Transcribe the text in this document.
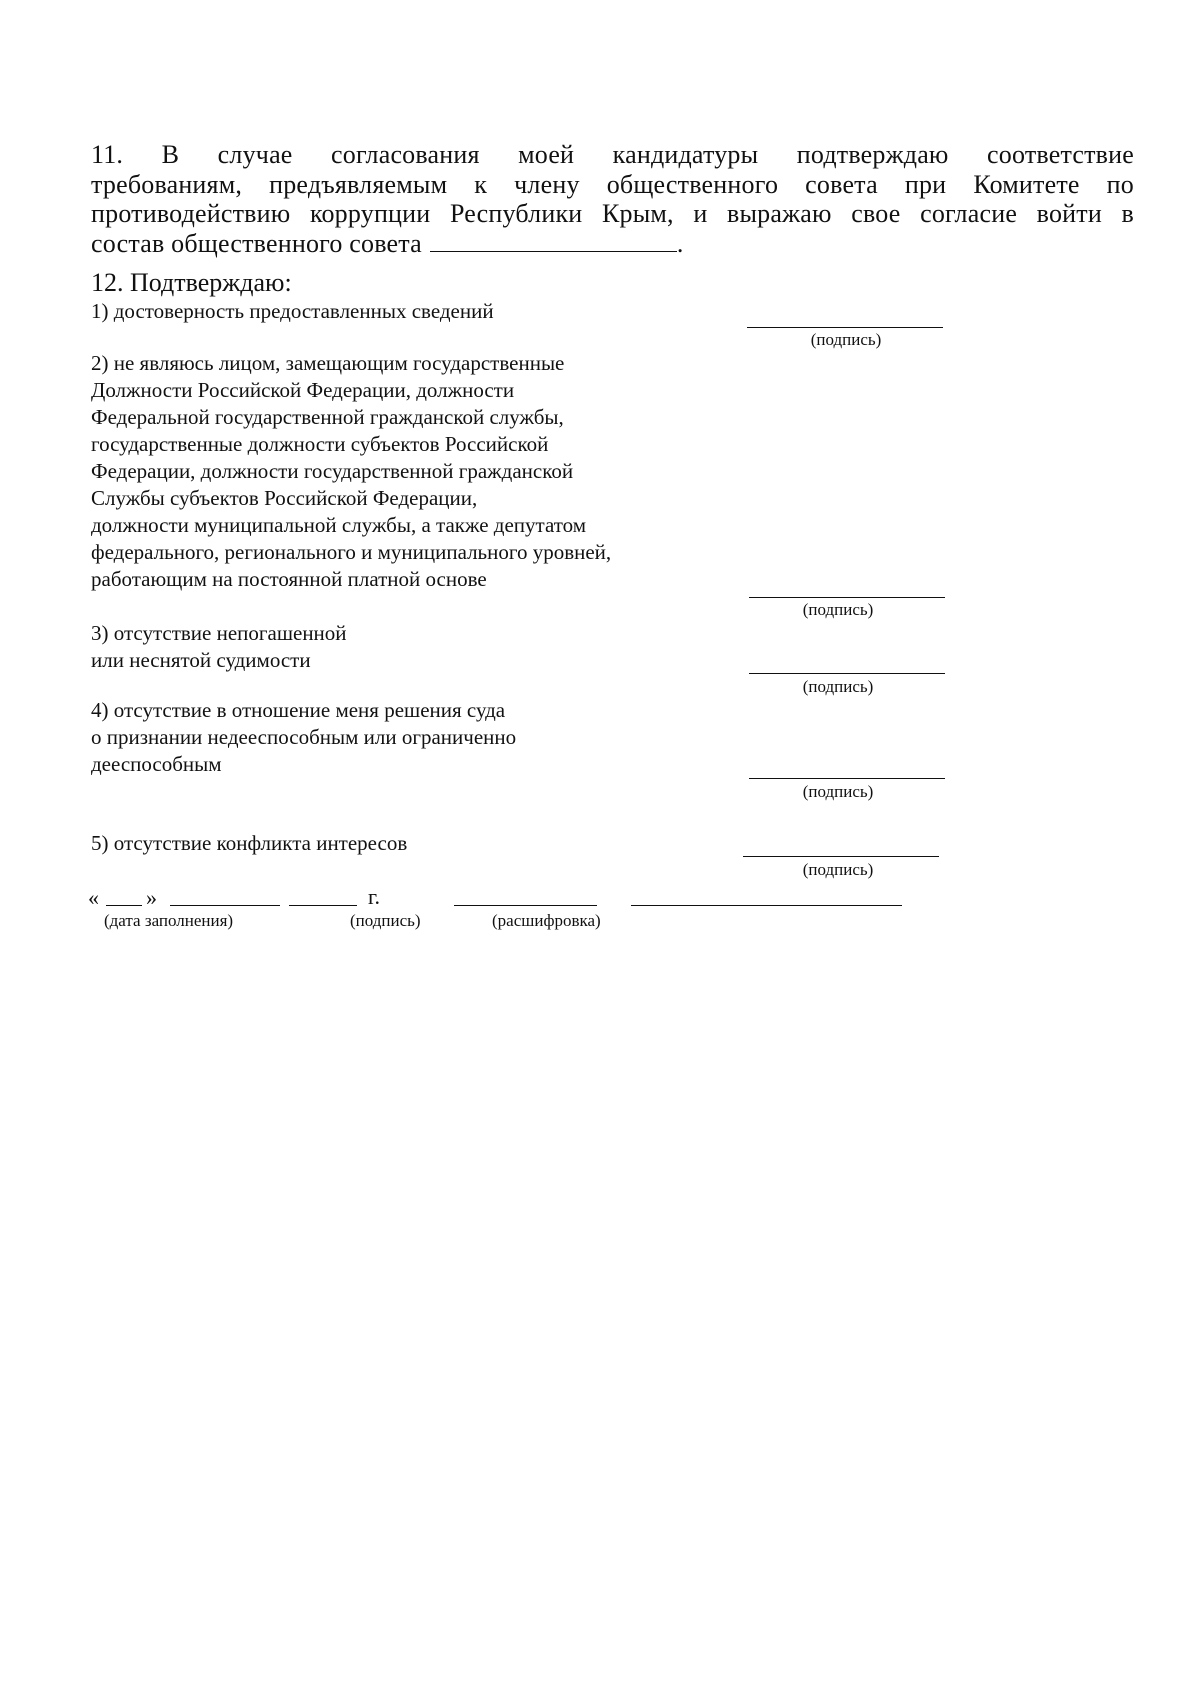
11. В случае согласования моей кандидатуры подтверждаю соответствие
требованиям, предъявляемым к члену общественного совета при Комитете по
противодействию коррупции Республики Крым, и выражаю свое согласие войти в
состав общественного совета	.
12. Подтверждаю:
1) достоверность предоставленных сведений
(подпись)
2) не являюсь лицом, замещающим государственные
Должности Российской Федерации, должности
Федеральной государственной гражданской службы,
государственные должности субъектов Российской
Федерации, должности государственной гражданской
Службы субъектов Российской Федерации,
должности муниципальной службы, а также депутатом
федерального, регионального и муниципального уровней,
работающим на постоянной платной основе
(подпись)
3) отсутствие непогашенной
или неснятой судимости
(подпись)
4) отсутствие в отношение меня решения суда
о признании недееспособным или ограниченно
дееспособным
(подпись)
5) отсутствие конфликта интересов
(подпись)
« »	г.
(дата заполнения)	(подпись)	(расшифровка)
